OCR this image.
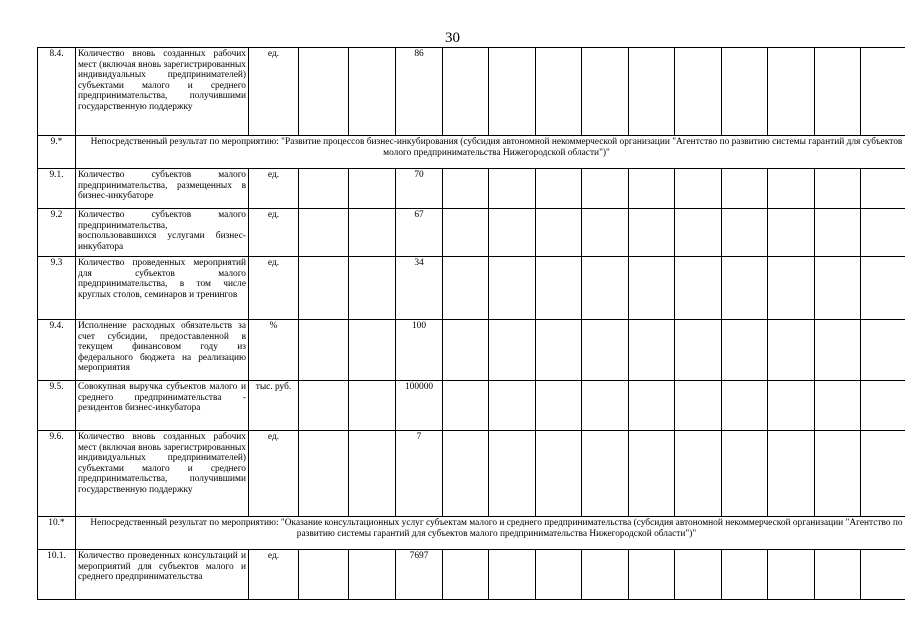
30
8.4.	Количество вновь созданных рабочих мест (включая вновь зарегистрированных индивидуальных предпринимателей) субъектами малого и среднего предпринимательства, получившими государственную поддержку	ед.			86										
9.*	Непосредственный результат по мероприятию: "Развитие процессов бизнес-инкубирования (субсидия автономной некоммерческой организации "Агентство по развитию системы гарантий для субъектов молого предпринимательства Нижегородской области")"														
9.1.	Количество субъектов малого предпринимательства, размещенных в бизнес-инкубаторе	ед.			70										
9.2	Количество субъектов малого предпринимательства, воспользовавшихся услугами бизнес-инкубатора	ед.			67										
9.3	Количество проведенных мероприятий для субъектов малого предпринимательства, в том числе круглых столов, семинаров и тренингов	ед.			34										
9.4.	Исполнение расходных обязательств за счет субсидии, предоставленной в текущем финансовом году из федерального бюджета на реализацию мероприятия	%			100										
9.5.	Совокупная выручка субъектов малого и среднего предпринимательства - резидентов бизнес-инкубатора	тыс. руб.			100000										
9.6.	Количество вновь созданных рабочих мест (включая вновь зарегистрированных индивидуальных предпринимателей) субъектами малого и среднего предпринимательства, получившими государственную поддержку	ед.			7										
10.*	Непосредственный результат по мероприятию: "Оказание консультационных услуг субъектам малого и среднего предпринимательства (субсидия автономной некоммерческой организации "Агентство по развитию системы гарантий для субъектов малого предпринимательства Нижегородской области")"														
10.1.	Количество проведенных консультаций и мероприятий для субъектов малого и среднего предпринимательства	ед.			7697										
